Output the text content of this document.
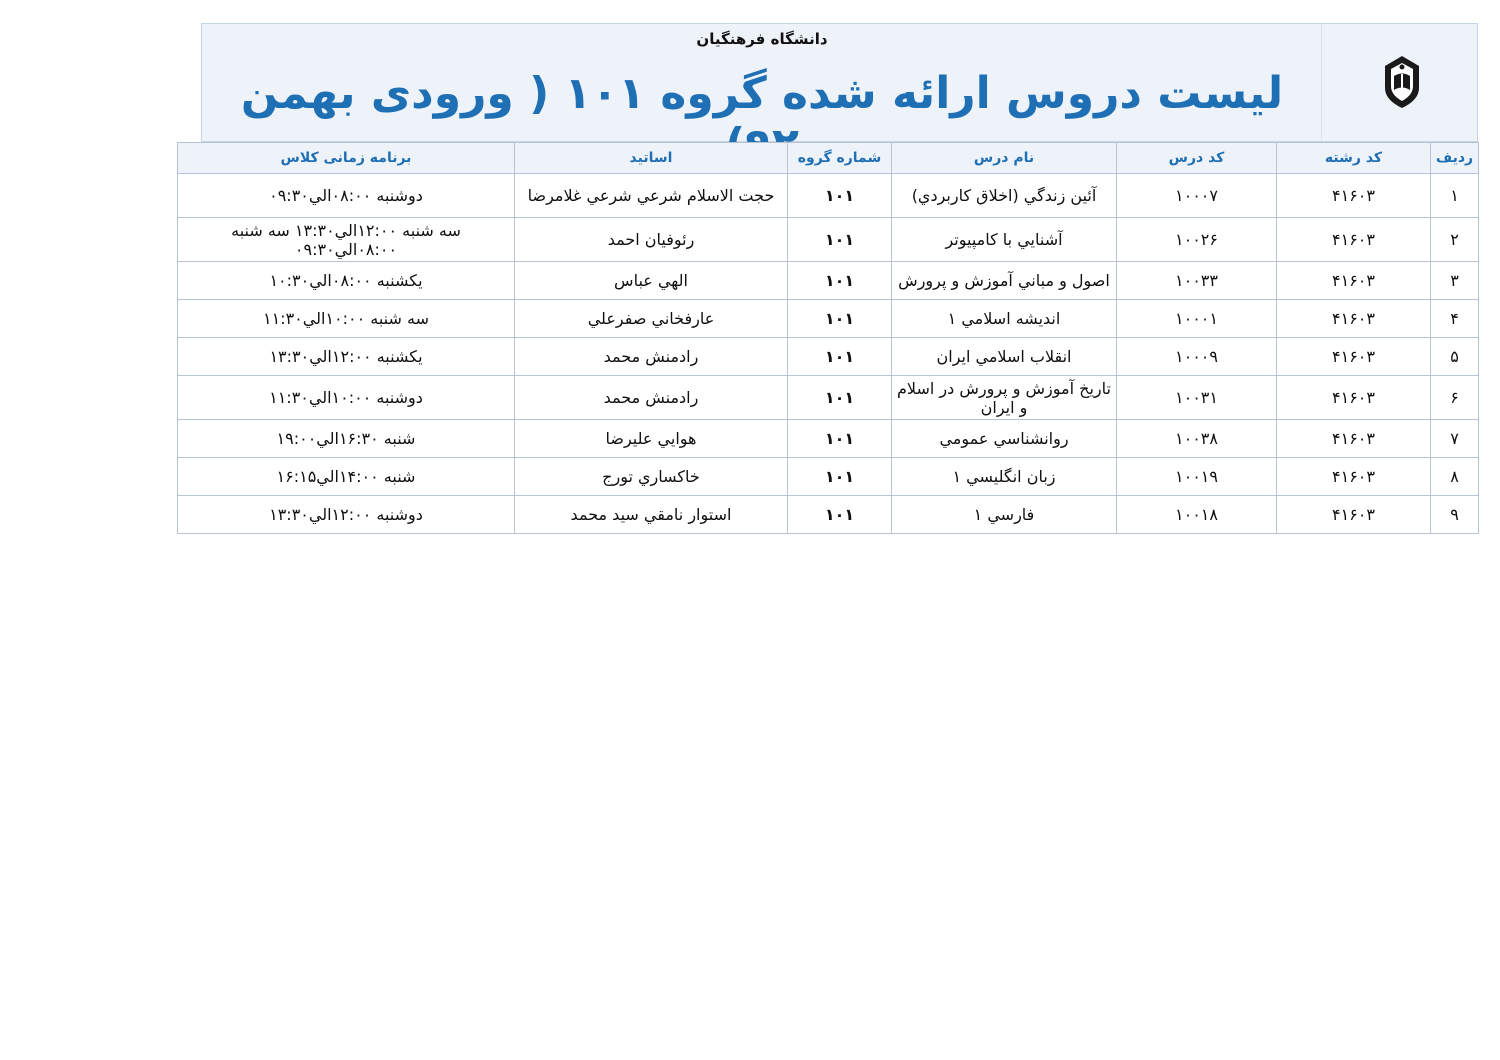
دانشگاه فرهنگیان
لیست دروس ارائه شده گروه ۱۰۱ ( ورودی بهمن
ردیف	کد رشته	کد درس	نام درس	شماره گروه	اساتید	برنامه زمانی کلاس
۱	۴۱۶۰۳	۱۰۰۰۷	آئين زندگي (اخلاق كاربردي)	۱۰۱	حجت الاسلام شرعي شرعي غلامرضا	دوشنبه ۰۸:۰۰الي۰۹:۳۰
۲	۴۱۶۰۳	۱۰۰۲۶	آشنايي با كامپيوتر	۱۰۱	رئوفيان احمد	سه شنبه ۱۲:۰۰الي۱۳:۳۰ سه شنبه ۰۸:۰۰الي۰۹:۳۰
۳	۴۱۶۰۳	۱۰۰۳۳	اصول و مباني آموزش و پرورش	۱۰۱	الهي عباس	يكشنبه ۰۸:۰۰الي۱۰:۳۰
۴	۴۱۶۰۳	۱۰۰۰۱	انديشه اسلامي ۱	۱۰۱	عارفخاني صفرعلي	سه شنبه ۱۰:۰۰الي۱۱:۳۰
۵	۴۱۶۰۳	۱۰۰۰۹	انقلاب اسلامي ايران	۱۰۱	رادمنش محمد	يكشنبه ۱۲:۰۰الي۱۳:۳۰
۶	۴۱۶۰۳	۱۰۰۳۱	تاريخ آموزش و پرورش در اسلام و ايران	۱۰۱	رادمنش محمد	دوشنبه ۱۰:۰۰الي۱۱:۳۰
۷	۴۱۶۰۳	۱۰۰۳۸	روانشناسي عمومي	۱۰۱	هوايي عليرضا	شنبه ۱۶:۳۰الي۱۹:۰۰
۸	۴۱۶۰۳	۱۰۰۱۹	زبان انگليسي ۱	۱۰۱	خاكساري تورج	شنبه ۱۴:۰۰الي۱۶:۱۵
۹	۴۱۶۰۳	۱۰۰۱۸	فارسي ۱	۱۰۱	استوار نامقي سيد محمد	دوشنبه ۱۲:۰۰الي۱۳:۳۰
